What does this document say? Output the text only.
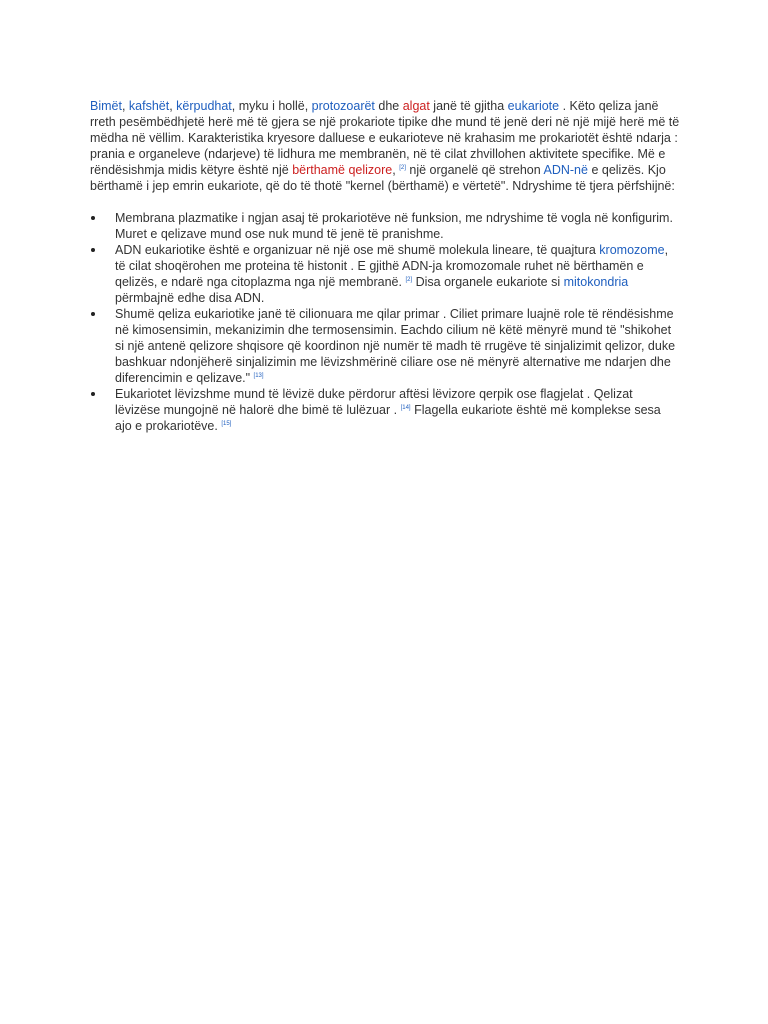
Bimët, kafshët, kërpudhat, myku i hollë, protozoarët dhe algat janë të gjitha eukariote . Këto qeliza janë rreth pesëmbëdhjetë herë më të gjera se një prokariote tipike dhe mund të jenë deri në një mijë herë më të mëdha në vëllim. Karakteristika kryesore dalluese e eukarioteve në krahasim me prokariotët është ndarja : prania e organeleve (ndarjeve) të lidhura me membranën, në të cilat zhvillohen aktivitete specifike. Më e rëndësishmja midis këtyre është një bërthamë qelizore, [2] një organelë që strehon ADN-në e qelizës. Kjo bërthamë i jep emrin eukariote, që do të thotë "kernel (bërthamë) e vërtetë". Ndryshime të tjera përfshijnë:

Membrana plazmatike i ngjan asaj të prokariotëve në funksion, me ndryshime të vogla në konfigurim. Muret e qelizave mund ose nuk mund të jenë të pranishme.
ADN eukariotike është e organizuar në një ose më shumë molekula lineare, të quajtura kromozome, të cilat shoqërohen me proteina të histonit . E gjithë ADN-ja kromozomale ruhet në bërthamën e qelizës, e ndarë nga citoplazma nga një membranë. [2] Disa organele eukariote si mitokondria përmbajnë edhe disa ADN.
Shumë qeliza eukariotike janë të cilionuara me qilar primar . Ciliet primare luajnë role të rëndësishme në kimosensimin, mekanizimin dhe termosensimin. Eachdo cilium në këtë mënyrë mund të "shikohet si një antenë qelizore shqisore që koordinon një numër të madh të rrugëve të sinjalizimit qelizor, duke bashkuar ndonjëherë sinjalizimin me lëvizshmërinë ciliare ose në mënyrë alternative me ndarjen dhe diferencimin e qelizave." [13]
Eukariotet lëvizshme mund të lëvizë duke përdorur aftësi lëvizore qerpik ose flagjelat . Qelizat lëvizëse mungojnë në halorë dhe bimë të lulëzuar . [14] Flagella eukariote është më komplekse sesa ajo e prokariotëve. [15]
